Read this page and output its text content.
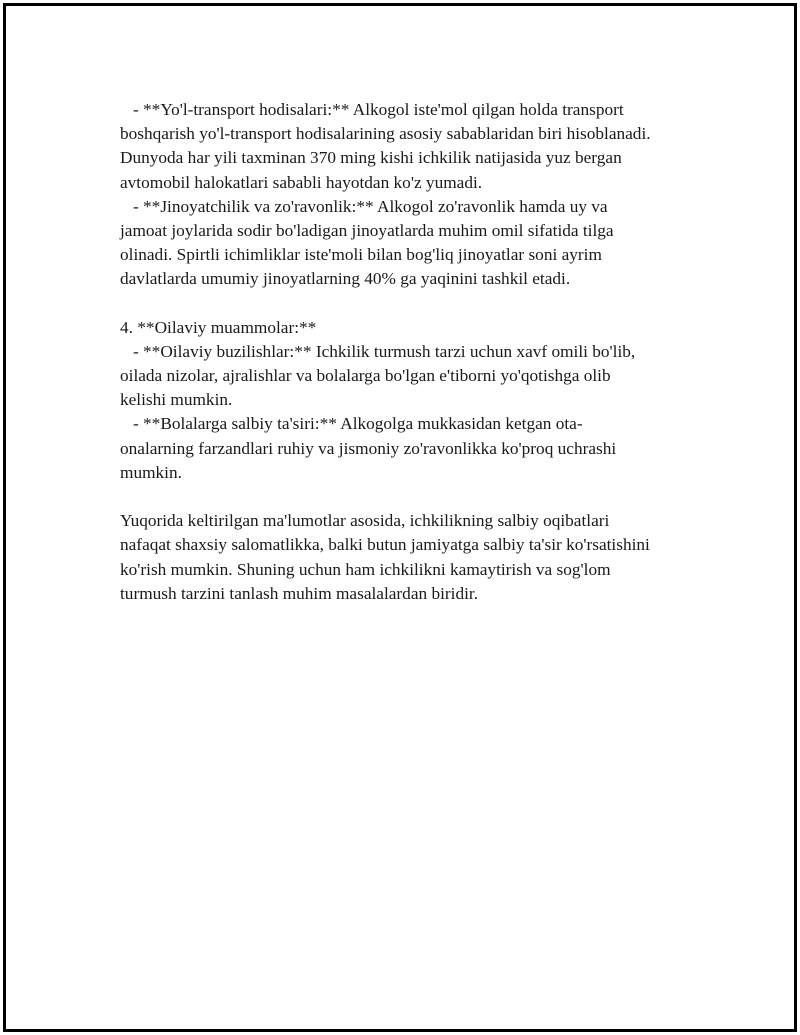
- **Yo'l-transport hodisalari:** Alkogol iste'mol qilgan holda transport
boshqarish yo'l-transport hodisalarining asosiy sabablaridan biri hisoblanadi.
Dunyoda har yili taxminan 370 ming kishi ichkilik natijasida yuz bergan
avtomobil halokatlari sababli hayotdan ko'z yumadi.
- **Jinoyatchilik va zo'ravonlik:** Alkogol zo'ravonlik hamda uy va
jamoat joylarida sodir bo'ladigan jinoyatlarda muhim omil sifatida tilga
olinadi. Spirtli ichimliklar iste'moli bilan bog'liq jinoyatlar soni ayrim
davlatlarda umumiy jinoyatlarning 40% ga yaqinini tashkil etadi.
4. **Oilaviy muammolar:**
- **Oilaviy buzilishlar:** Ichkilik turmush tarzi uchun xavf omili bo'lib,
oilada nizolar, ajralishlar va bolalarga bo'lgan e'tiborni yo'qotishga olib
kelishi mumkin.
- **Bolalarga salbiy ta'siri:** Alkogolga mukkasidan ketgan ota-
onalarning farzandlari ruhiy va jismoniy zo'ravonlikka ko'proq uchrashi
mumkin.
Yuqorida keltirilgan ma'lumotlar asosida, ichkilikning salbiy oqibatlari
nafaqat shaxsiy salomatlikka, balki butun jamiyatga salbiy ta'sir ko'rsatishini
ko'rish mumkin. Shuning uchun ham ichkilikni kamaytirish va sog'lom
turmush tarzini tanlash muhim masalalardan biridir.
